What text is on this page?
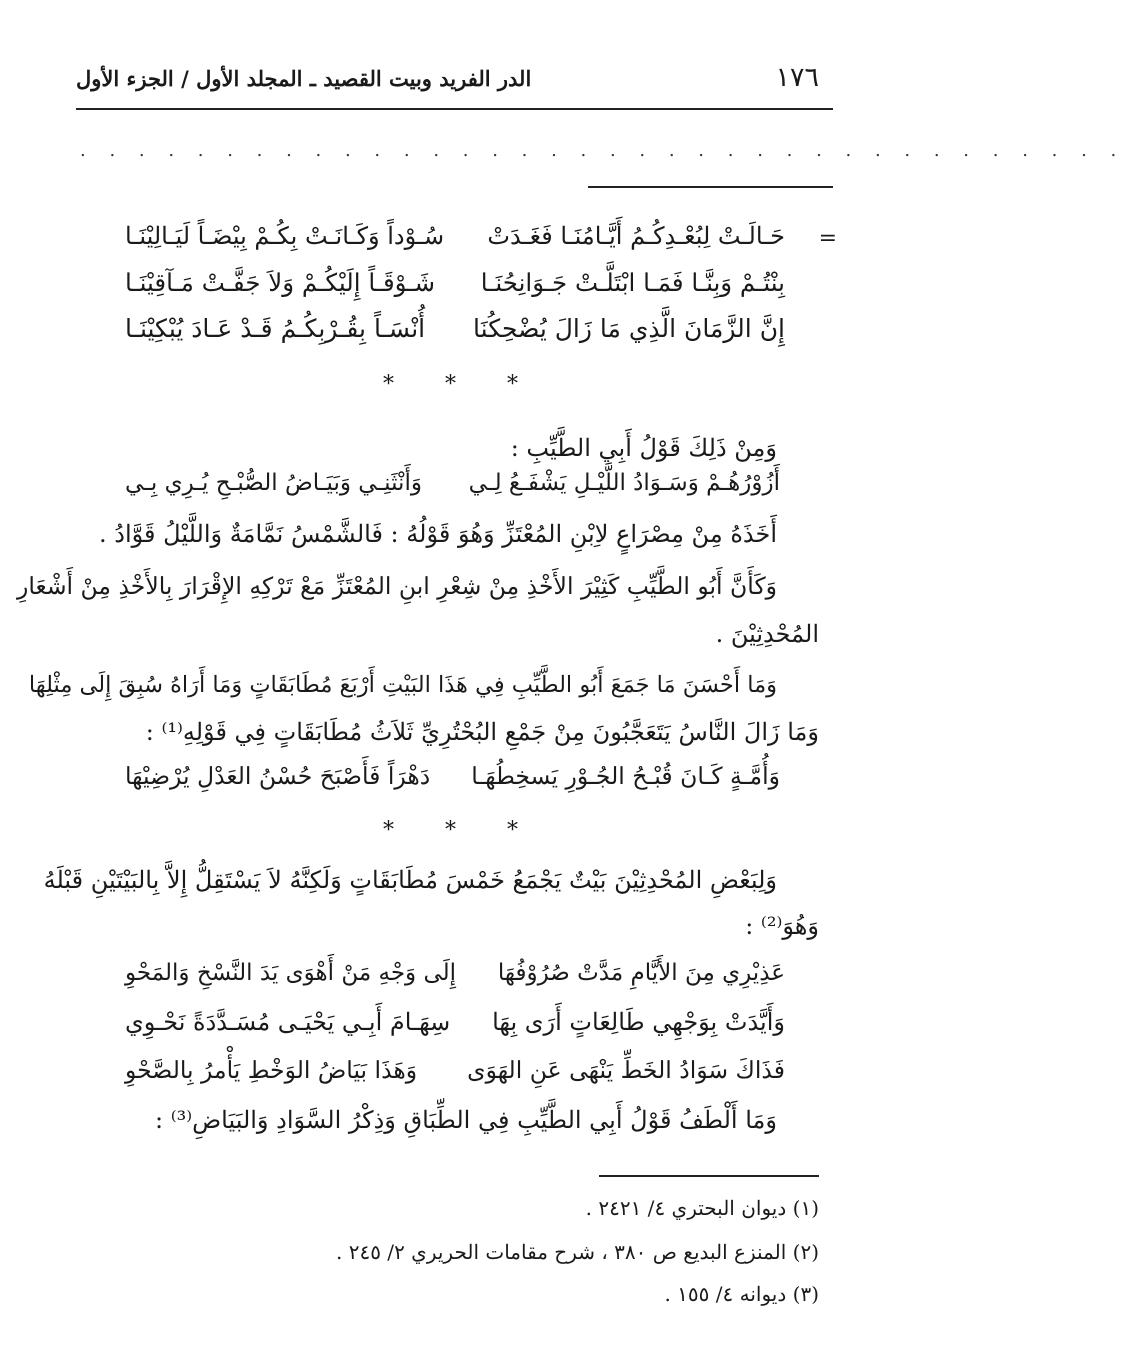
١٧٦
الدر الفريد وبيت القصيد ـ المجلد الأول / الجزء الأول
. . . . . . . . . . . . . . . . . . . . . . . . . . . . . . . . . . . .
=
حَـالَـتْ لِبُعْـدِكُـمُ أَيَّـامُنَـا فَغَـدَتْ
سُـوْداً وَكَـانَـتْ بِكُـمْ بِيْضَـاً لَيَـالِيْنَـا
بِنْتُـمْ وَبِنَّـا فَمَـا ابْتَلَّـتْ جَـوَانِحُنَـا
شَـوْقَـاً إِلَيْكُـمْ وَلاَ جَفَّـتْ مَـآقِيْنَـا
إِنَّ الزَّمَانَ الَّذِي مَا زَالَ يُضْحِكُنَا
أُنْسَـاً بِقُـرْبِكُـمُ قَـدْ عَـادَ يُبْكِيْنَـا
* * *
وَمِنْ ذَلِكَ قَوْلُ أَبِي الطَّيِّبِ :
أَزُوْرُهُـمْ وَسَـوَادُ اللَّيْـلِ يَشْفَـعُ لِـي
وَأَنْثَنِـي وَبَيَـاضُ الصُّبْـحِ يُـرِي بِـي
أَخَذَهُ مِنْ مِصْرَاعٍ لاِبْنِ المُعْتَزِّ وَهُوَ قَوْلُهُ : فَالشَّمْسُ نَمَّامَةٌ وَاللَّيْلُ قَوَّادُ .
وَكَأَنَّ أَبُو الطَّيِّبِ كَثِيْرَ الأَخْذِ مِنْ شِعْرِ ابنِ المُعْتَزِّ مَعْ تَرْكِهِ الإِقْرَارَ بِالأَخْذِ مِنْ أَشْعَارِ
المُحْدِثِيْنَ .
وَمَا أَحْسَنَ مَا جَمَعَ أَبُو الطَّيِّبِ فِي هَذَا البَيْتِ أَرْبَعَ مُطَابَقَاتٍ وَمَا أَرَاهُ سُبِقَ إِلَى مِثْلِهَا
وَمَا زَالَ النَّاسُ يَتَعَجَّبُونَ مِنْ جَمْعِ البُحْتُرِيِّ ثَلاَثُ مُطَابَقَاتٍ فِي قَوْلِهِ⁽¹⁾ :
وَأُمَّـةٍ كَـانَ قُبْـحُ الجُـوْرِ يَسخِطُهَـا
دَهْرَاً فَأَصْبَحَ حُسْنُ العَدْلِ يُرْضِيْهَا
* * *
وَلِبَعْضِ المُحْدِثِيْنَ بَيْتٌ يَجْمَعُ خَمْسَ مُطَابَقَاتٍ وَلَكِنَّهُ لاَ يَسْتَقِلُّ إِلاَّ بِالبَيْتَيْنِ قَبْلَهُ
وَهُوَ⁽²⁾ :
عَذِيْرِي مِنَ الأَيَّامِ مَدَّتْ صُرُوْفُهَا
إِلَى وَجْهِ مَنْ أَهْوَى يَدَ النَّسْخِ وَالمَحْوِ
وَأَيَّدَتْ بِوَجْهِي طَالِعَاتٍ أَرَى بِهَا
سِهَـامَ أَبِـي يَحْيَـى مُسَـدَّدَةً نَحْـوِي
فَذَاكَ سَوَادُ الخَطِّ يَنْهَى عَنِ الهَوَى
وَهَذَا بَيَاضُ الوَخْطِ يَأْمرُ بِالصَّحْوِ
وَمَا أَلْطَفُ قَوْلُ أَبِي الطَّيِّبِ فِي الطِّبَاقِ وَذِكْرُ السَّوَادِ وَالبَيَاضِ⁽³⁾ :
(١) ديوان البحتري ٤/ ٢٤٢١ .
(٢) المنزع البديع ص ٣٨٠ ، شرح مقامات الحريري ٢/ ٢٤٥ .
(٣) ديوانه ٤/ ١٥٥ .
